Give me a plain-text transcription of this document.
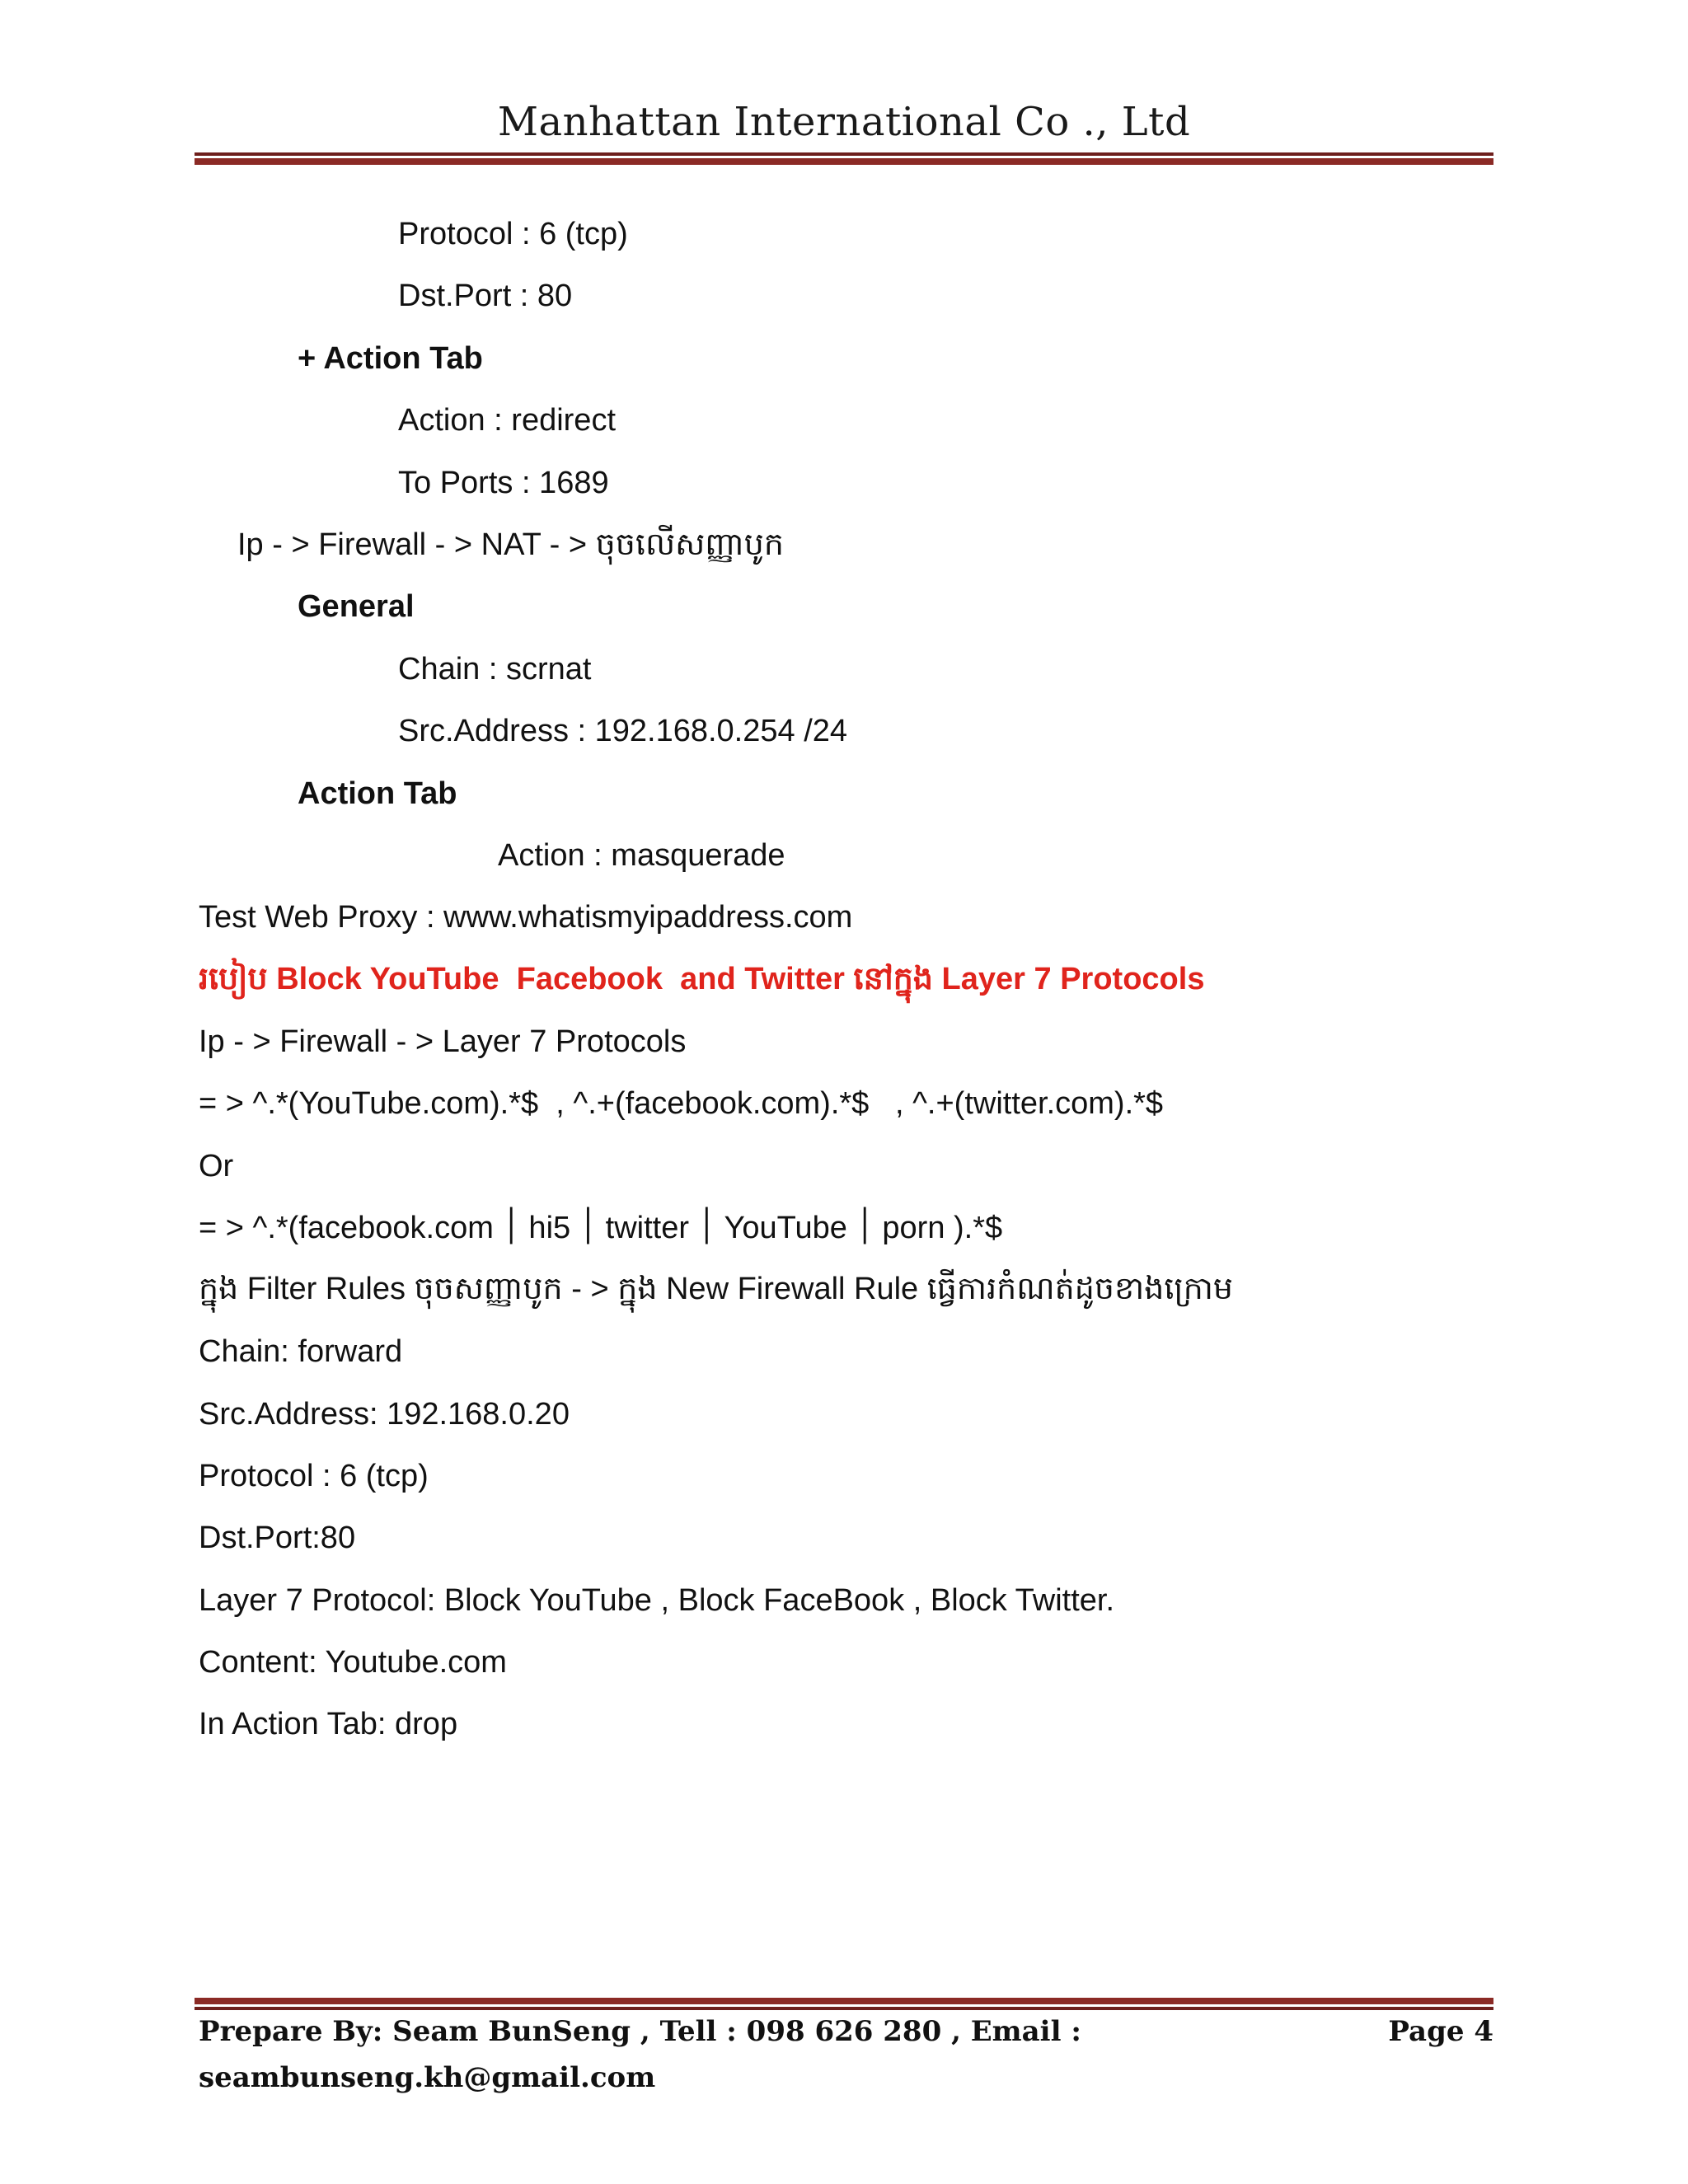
Manhattan International Co ., Ltd
Protocol : 6 (tcp)
Dst.Port : 80
+ Action Tab
Action : redirect
To Ports : 1689
Ip - > Firewall - > NAT - > ចុចលើសញ្ញាបូក
General
Chain : scrnat
Src.Address : 192.168.0.254 /24
Action Tab
Action : masquerade
Test Web Proxy : www.whatismyipaddress.com
របៀប Block YouTube  Facebook  and Twitter នៅក្នុង Layer 7 Protocols
Ip - > Firewall - > Layer 7 Protocols
= > ^.*(YouTube.com).*$  , ^.+(facebook.com).*$   , ^.+(twitter.com).*$
Or
= > ^.*(facebook.com ׀ hi5 ׀ twitter ׀ YouTube ׀ porn ).*$
ក្នុង Filter Rules ចុចសញ្ញាបូក - > ក្នុង New Firewall Rule ធ្វើការកំណត់ដូចខាងក្រោម
Chain: forward
Src.Address: 192.168.0.20
Protocol : 6 (tcp)
Dst.Port:80
Layer 7 Protocol: Block YouTube , Block FaceBook , Block Twitter.
Content: Youtube.com
In Action Tab: drop
Prepare By: Seam BunSeng , Tell : 098 626 280 , Email : seambunseng.kh@gmail.com
Page 4
